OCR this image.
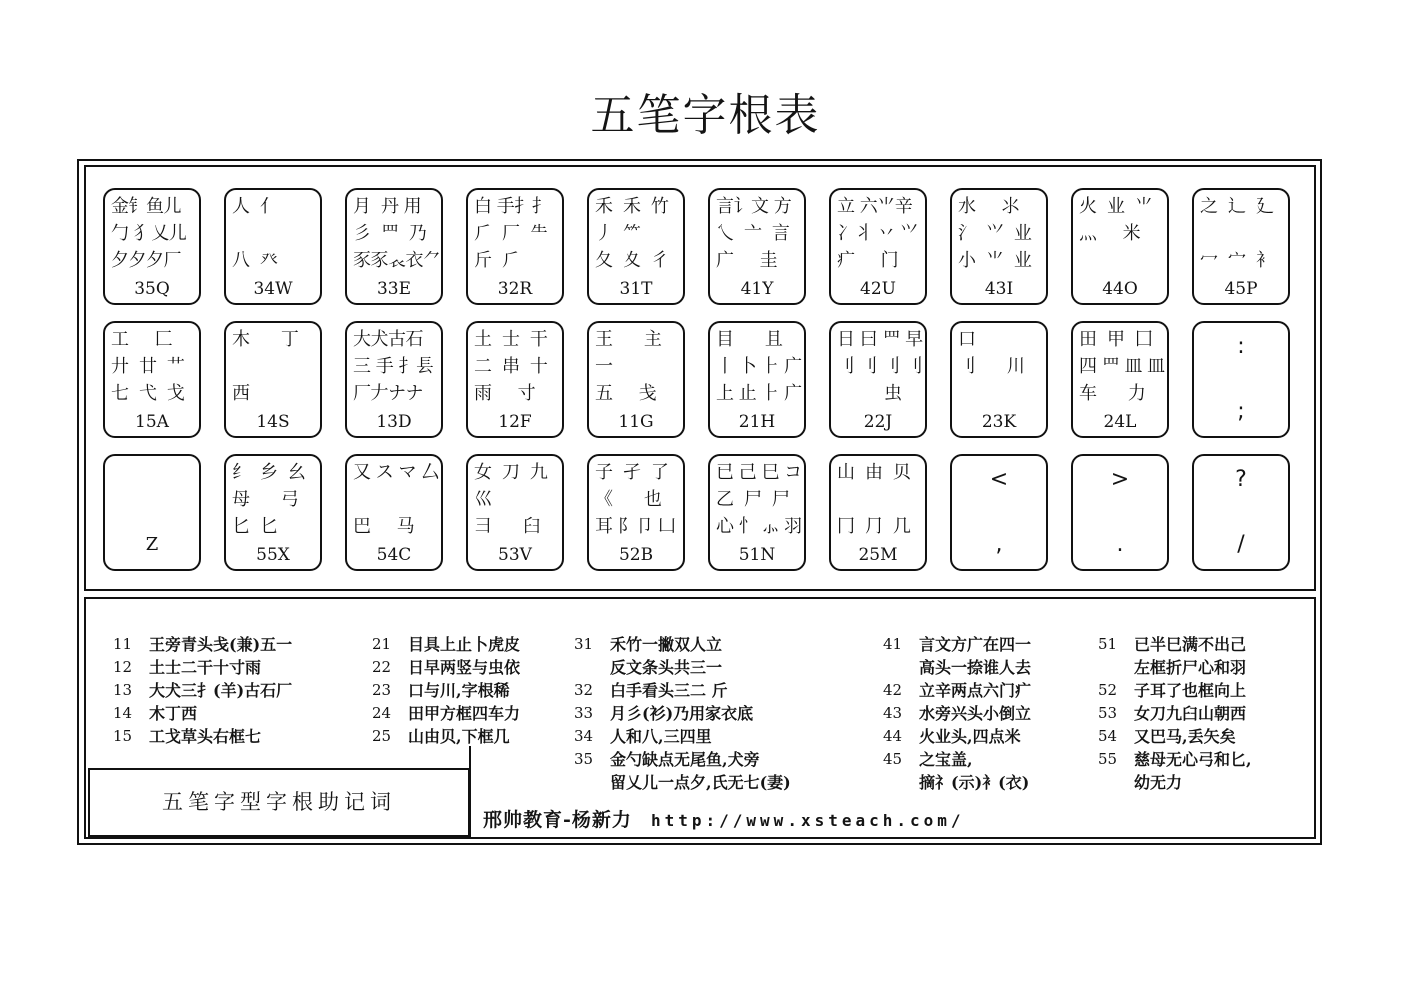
五笔字根表
金钅鱼儿
勹 犭乂儿
夕夕夕厂
35Q
人  亻
八  癶
34W
月  丹 用
彡  罒  乃
豕豕𧘇衣⺈
33E
白 手⺘扌
⺁  厂  ⺧
斤  ⺁
32R
禾  禾  竹
丿  ⺮
夂  夊  彳
31T
言讠文 方
乀  亠  言
广     圭
41Y
立 六⺌辛
冫丬 丷 ⺍
疒     门
42U
水     ⺢
氵  ⺍  业
小  ⺌  业
43I
火  业  ⺌
灬     米
44O
之  辶  廴
冖  宀  衤
45P
工     匚
廾  廿  艹
七  弋  戈
15A
木      丁
西
14S
大犬古石
三 手 ⺘镸
厂𠂇ナナ
13D
土  士  干
二  串  十
雨     寸
12F
王      主
一
五     戋
11G
目      且
丨 卜 ⺊ 广
上 止 ⺊ 广
21H
日 曰 ⺫ 早
刂 刂 刂 刂
虫
22J
口
⺉      川
23K
田  甲  囗
四 罒 皿 皿
车      力
24L
:
;
Z
纟  乡  幺
⺟      弓
匕  匕
55X
又 ス マ 厶
巴     马
54C
女  刀  九
巛
彐      臼
53V
子  孑  了
《      也
耳 阝卩 凵
52B
已 己 巳 コ
乙  尸  尸
心 忄 ⺗ 羽
51N
山  由  贝
冂  ⺆  几
25M
<
,
>
.
?
/
11	王旁青头戋(兼)五一
12	土士二干十寸雨
13	大犬三⺘(羊)古石厂
14	木丁西
15	工戈草头右框七
21	目具上止卜虎皮
22	日早两竖与虫依
23	口与川,字根稀
24	田甲方框四车力
25	山由贝,下框几
31	禾竹一撇双人立
反文条头共三一
32	白手看头三二 斤
33	月彡(衫)乃用家衣底
34	人和八,三四里
35	金勺缺点无尾鱼,犬旁
留乂儿一点夕,氏无七(妻)
41	言文方广在四一
高头一捺谁人去
42	立辛两点六门疒
43	水旁兴头小倒立
44	火业头,四点米
45	之宝盖,
摘礻(示)衤(衣)
51	已半巳满不出己
左框折尸心和羽
52	子耳了也框向上
53	女刀九臼山朝西
54	又巴马,丢矢矣
55	慈母无心弓和匕,
幼无力
五笔字型字根助记词
邢帅教育-杨新力 http://www.xsteach.com/
